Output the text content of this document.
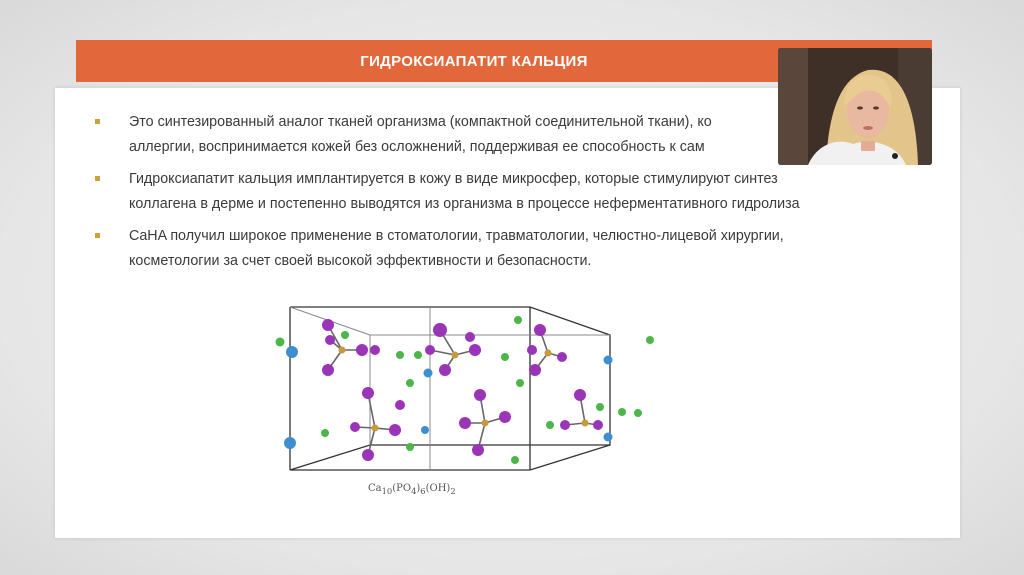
ГИДРОКСИАПАТИТ КАЛЬЦИЯ
Это синтезированный аналог тканей организма (компактной соединительной ткани), ко
аллергии, воспринимается кожей без осложнений, поддерживая ее способность к сам
Гидроксиапатит кальция имплантируется в кожу в виде микросфер, которые стимулируют синтез
коллагена в дерме и постепенно выводятся из организма в процессе неферментативного гидролиза
CaHA получил широкое применение в стоматологии, травматологии, челюстно-лицевой хирургии,
косметологии за счет своей высокой эффективности и безопасности.
$Ca_{10}(PO_4)_6(OH)_2$
